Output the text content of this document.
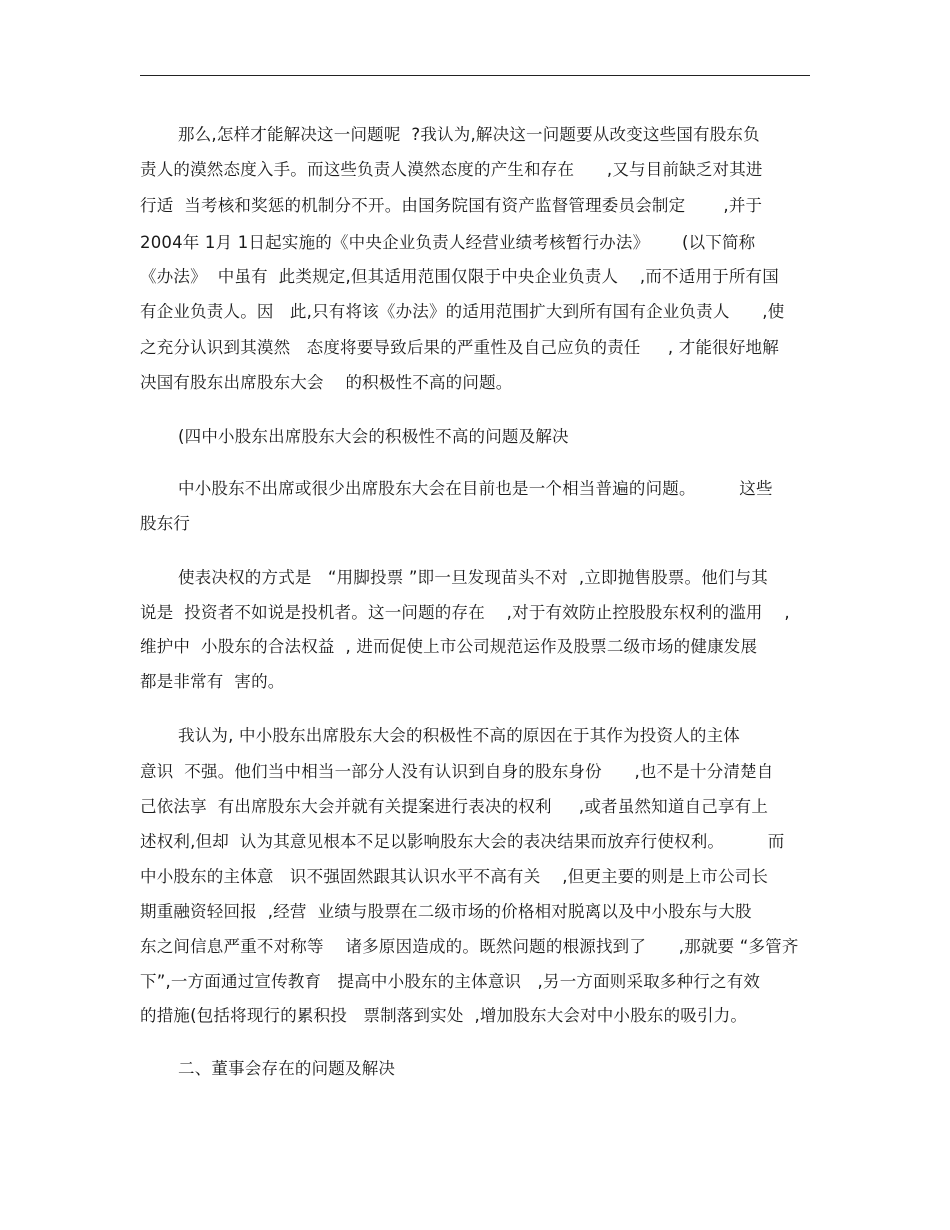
那么,怎样才能解决这一问题呢  ?我认为,解决这一问题要从改变这些国有股东负
责人的漠然态度入手。而这些负责人漠然态度的产生和存在      ,又与目前缺乏对其进
行适  当考核和奖惩的机制分不开。由国务院国有资产监督管理委员会制定       ,并于
2004年 1月 1日起实施的《中央企业负责人经营业绩考核暂行办法》      (以下简称
《办法》  中虽有  此类规定,但其适用范围仅限于中央企业负责人    ,而不适用于所有国
有企业负责人。因   此,只有将该《办法》的适用范围扩大到所有国有企业负责人      ,使
之充分认识到其漠然   态度将要导致后果的严重性及自己应负的责任     , 才能很好地解
决国有股东出席股东大会    的积极性不高的问题。
(四中小股东出席股东大会的积极性不高的问题及解决
中小股东不出席或很少出席股东大会在目前也是一个相当普遍的问题。        这些
股东行
使表决权的方式是   “用脚投票 ”即一旦发现苗头不对  ,立即抛售股票。他们与其
说是  投资者不如说是投机者。这一问题的存在    ,对于有效防止控股股东权利的滥用    ,
维护中  小股东的合法权益  , 进而促使上市公司规范运作及股票二级市场的健康发展
都是非常有  害的。
我认为, 中小股东出席股东大会的积极性不高的原因在于其作为投资人的主体
意识  不强。他们当中相当一部分人没有认识到自身的股东身份      ,也不是十分清楚自
己依法享  有出席股东大会并就有关提案进行表决的权利     ,或者虽然知道自己享有上
述权利,但却  认为其意见根本不足以影响股东大会的表决结果而放弃行使权利。        而
中小股东的主体意   识不强固然跟其认识水平不高有关    ,但更主要的则是上市公司长
期重融资轻回报  ,经营  业绩与股票在二级市场的价格相对脱离以及中小股东与大股
东之间信息严重不对称等    诸多原因造成的。既然问题的根源找到了      ,那就要 “多管齐
下”,一方面通过宣传教育   提高中小股东的主体意识   ,另一方面则采取多种行之有效
的措施(包括将现行的累积投   票制落到实处  ,增加股东大会对中小股东的吸引力。
二、董事会存在的问题及解决
